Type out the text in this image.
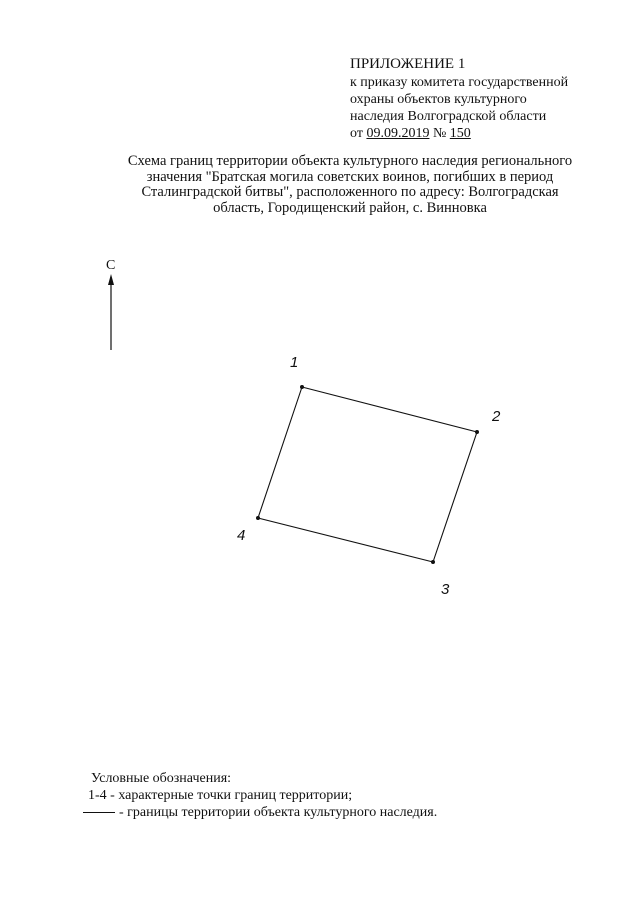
ПРИЛОЖЕНИЕ 1
к приказу комитета государственной
охраны объектов культурного
наследия Волгоградской области
от 09.09.2019 № 150
Схема границ территории объекта культурного наследия регионального
значения "Братская могила советских воинов, погибших в период
Сталинградской битвы", расположенного по адресу: Волгоградская
область, Городищенский район, с. Винновка
С
1
2
3
4
Условные обозначения:
1-4 - характерные точки границ территории;
- границы территории объекта культурного наследия.
